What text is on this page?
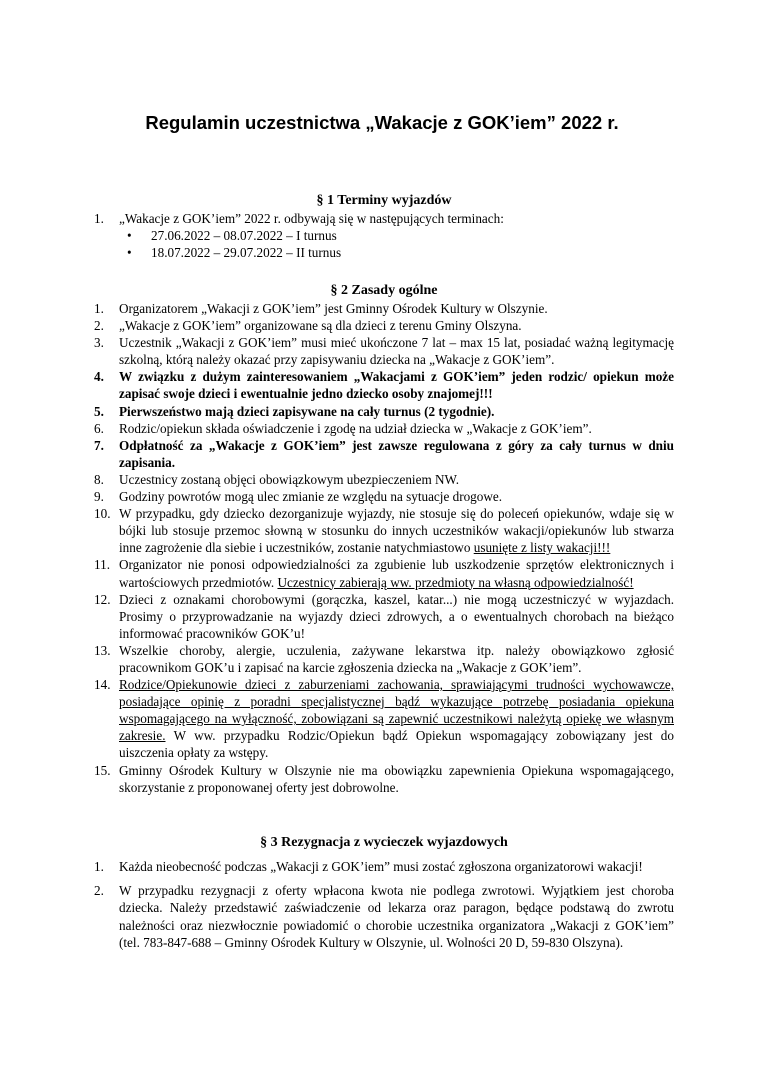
Regulamin uczestnictwa „Wakacje z GOK’iem” 2022 r.
§ 1 Terminy wyjazdów
1. „Wakacje z GOK’iem” 2022 r. odbywają się w następujących terminach:
• 27.06.2022 – 08.07.2022 – I turnus
• 18.07.2022 – 29.07.2022 – II turnus
§ 2 Zasady ogólne
1. Organizatorem „Wakacji z GOK’iem” jest Gminny Ośrodek Kultury w Olszynie.
2. „Wakacje z GOK’iem” organizowane są dla dzieci z terenu Gminy Olszyna.
3. Uczestnik „Wakacji z GOK’iem” musi mieć ukończone 7 lat – max 15 lat, posiadać ważną legitymację szkolną, którą należy okazać przy zapisywaniu dziecka na „Wakacje z GOK’iem”.
4. W związku z dużym zainteresowaniem „Wakacjami z GOK’iem” jeden rodzic/ opiekun może zapisać swoje dzieci i ewentualnie jedno dziecko osoby znajomej!!!
5. Pierwszeństwo mają dzieci zapisywane na cały turnus (2 tygodnie).
6. Rodzic/opiekun składa oświadczenie i zgodę na udział dziecka w „Wakacje z GOK’iem”.
7. Odpłatność za „Wakacje z GOK’iem” jest zawsze regulowana z góry za cały turnus w dniu zapisania.
8. Uczestnicy zostaną objęci obowiązkowym ubezpieczeniem NW.
9. Godziny powrotów mogą ulec zmianie ze względu na sytuacje drogowe.
10. W przypadku, gdy dziecko dezorganizuje wyjazdy, nie stosuje się do poleceń opiekunów, wdaje się w bójki lub stosuje przemoc słowną w stosunku do innych uczestników wakacji/opiekunów lub stwarza inne zagrożenie dla siebie i uczestników, zostanie natychmiastowo usunięte z listy wakacji!!!
11. Organizator nie ponosi odpowiedzialności za zgubienie lub uszkodzenie sprzętów elektronicznych i wartościowych przedmiotów. Uczestnicy zabierają ww. przedmioty na własną odpowiedzialność!
12. Dzieci z oznakami chorobowymi (gorączka, kaszel, katar...) nie mogą uczestniczyć w wyjazdach. Prosimy o przyprowadzanie na wyjazdy dzieci zdrowych, a o ewentualnych chorobach na bieżąco informować pracowników GOK’u!
13. Wszelkie choroby, alergie, uczulenia, zażywane lekarstwa itp. należy obowiązkowo zgłosić pracownikom GOK’u i zapisać na karcie zgłoszenia dziecka na „Wakacje z GOK’iem”.
14. Rodzice/Opiekunowie dzieci z zaburzeniami zachowania, sprawiającymi trudności wychowawcze, posiadające opinię z poradni specjalistycznej bądź wykazujące potrzebę posiadania opiekuna wspomagającego na wyłączność, zobowiązani są zapewnić uczestnikowi należytą opiekę we własnym zakresie. W ww. przypadku Rodzic/Opiekun bądź Opiekun wspomagający zobowiązany jest do uiszczenia opłaty za wstępy.
15. Gminny Ośrodek Kultury w Olszynie nie ma obowiązku zapewnienia Opiekuna wspomagającego, skorzystanie z proponowanej oferty jest dobrowolne.
§ 3 Rezygnacja z wycieczek wyjazdowych
1. Każda nieobecność podczas „Wakacji z GOK’iem” musi zostać zgłoszona organizatorowi wakacji!
2. W przypadku rezygnacji z oferty wpłacona kwota nie podlega zwrotowi. Wyjątkiem jest choroba dziecka. Należy przedstawić zaświadczenie od lekarza oraz paragon, będące podstawą do zwrotu należności oraz niezwłocznie powiadomić o chorobie uczestnika organizatora „Wakacji z GOK’iem” (tel. 783-847-688 – Gminny Ośrodek Kultury w Olszynie, ul. Wolności 20 D, 59-830 Olszyna).
